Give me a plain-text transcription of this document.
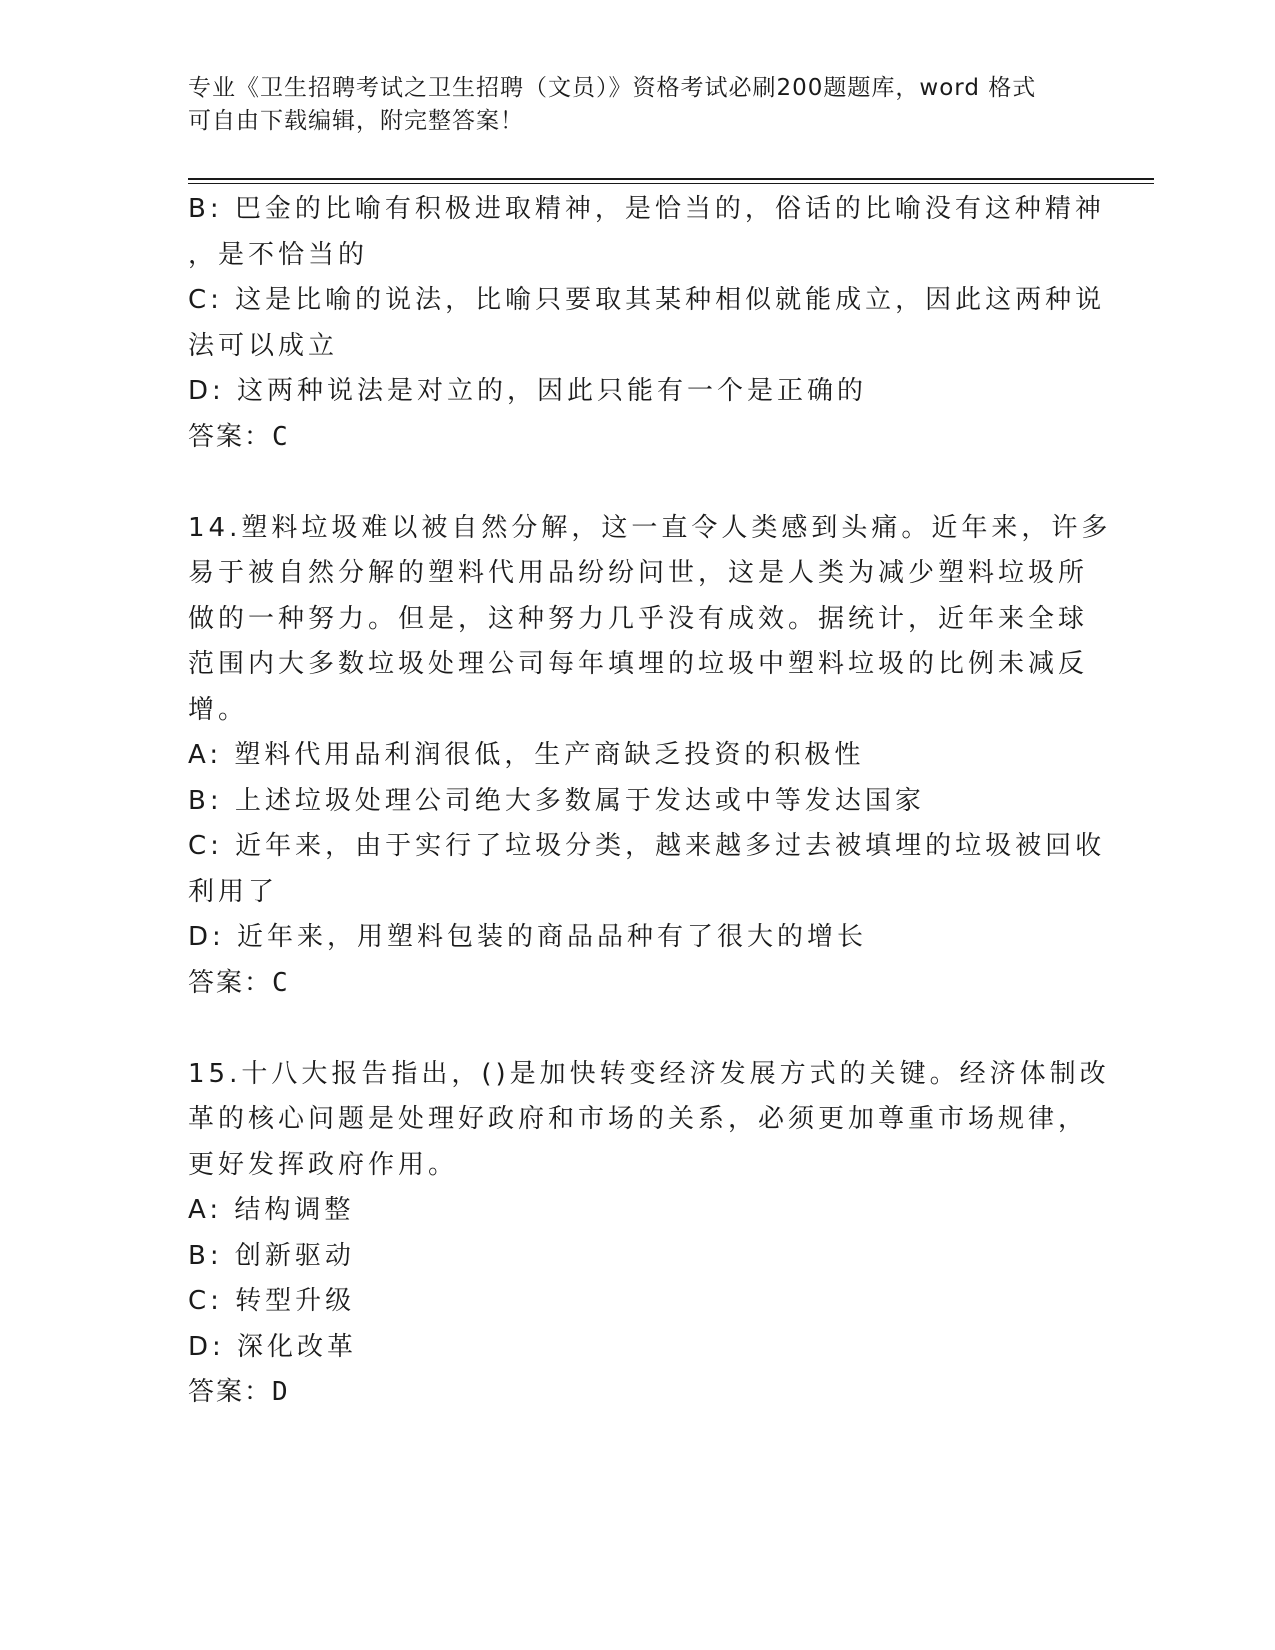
专业《卫生招聘考试之卫生招聘（文员）》资格考试必刷200题题库，word 格式
可自由下载编辑，附完整答案！
B: 巴金的比喻有积极进取精神，是恰当的，俗话的比喻没有这种精神
，是不恰当的
C: 这是比喻的说法，比喻只要取其某种相似就能成立，因此这两种说
法可以成立
D: 这两种说法是对立的，因此只能有一个是正确的
答案：C
14.塑料垃圾难以被自然分解，这一直令人类感到头痛。近年来，许多
易于被自然分解的塑料代用品纷纷问世，这是人类为减少塑料垃圾所
做的一种努力。但是，这种努力几乎没有成效。据统计，近年来全球
范围内大多数垃圾处理公司每年填埋的垃圾中塑料垃圾的比例未减反
增。
A: 塑料代用品利润很低，生产商缺乏投资的积极性
B: 上述垃圾处理公司绝大多数属于发达或中等发达国家
C: 近年来，由于实行了垃圾分类，越来越多过去被填埋的垃圾被回收
利用了
D: 近年来，用塑料包装的商品品种有了很大的增长
答案：C
15.十八大报告指出，()是加快转变经济发展方式的关键。经济体制改
革的核心问题是处理好政府和市场的关系，必须更加尊重市场规律，
更好发挥政府作用。
A: 结构调整
B: 创新驱动
C: 转型升级
D: 深化改革
答案：D
